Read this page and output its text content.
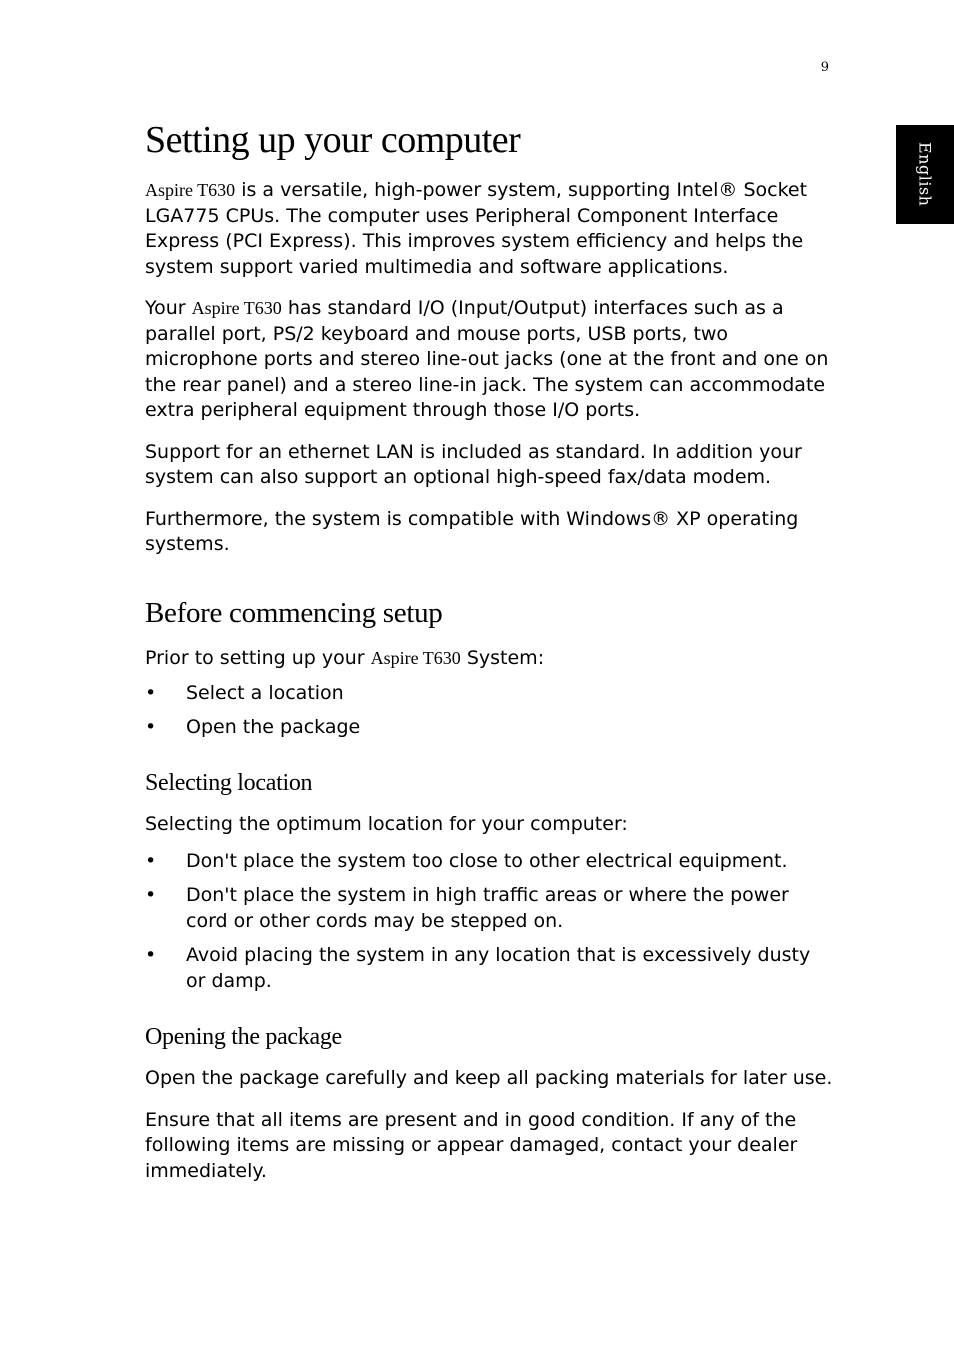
9
English
Setting up your computer

Aspire T630 is a versatile, high-power system, supporting Intel® Socket LGA775 CPUs. The computer uses Peripheral Component Interface Express (PCI Express). This improves system efficiency and helps the system support varied multimedia and software applications.

Your Aspire T630 has standard I/O (Input/Output) interfaces such as a parallel port, PS/2 keyboard and mouse ports, USB ports, two microphone ports and stereo line-out jacks (one at the front and one on the rear panel) and a stereo line-in jack. The system can accommodate extra peripheral equipment through those I/O ports.

Support for an ethernet LAN is included as standard. In addition your system can also support an optional high-speed fax/data modem.

Furthermore, the system is compatible with Windows® XP operating systems.

Before commencing setup

Prior to setting up your Aspire T630 System:

• Select a location
• Open the package
Selecting location

Selecting the optimum location for your computer:

• Don't place the system too close to other electrical equipment.
• Don't place the system in high traffic areas or where the power cord or other cords may be stepped on.
• Avoid placing the system in any location that is excessively dusty or damp.
Opening the package

Open the package carefully and keep all packing materials for later use.

Ensure that all items are present and in good condition. If any of the following items are missing or appear damaged, contact your dealer immediately.
